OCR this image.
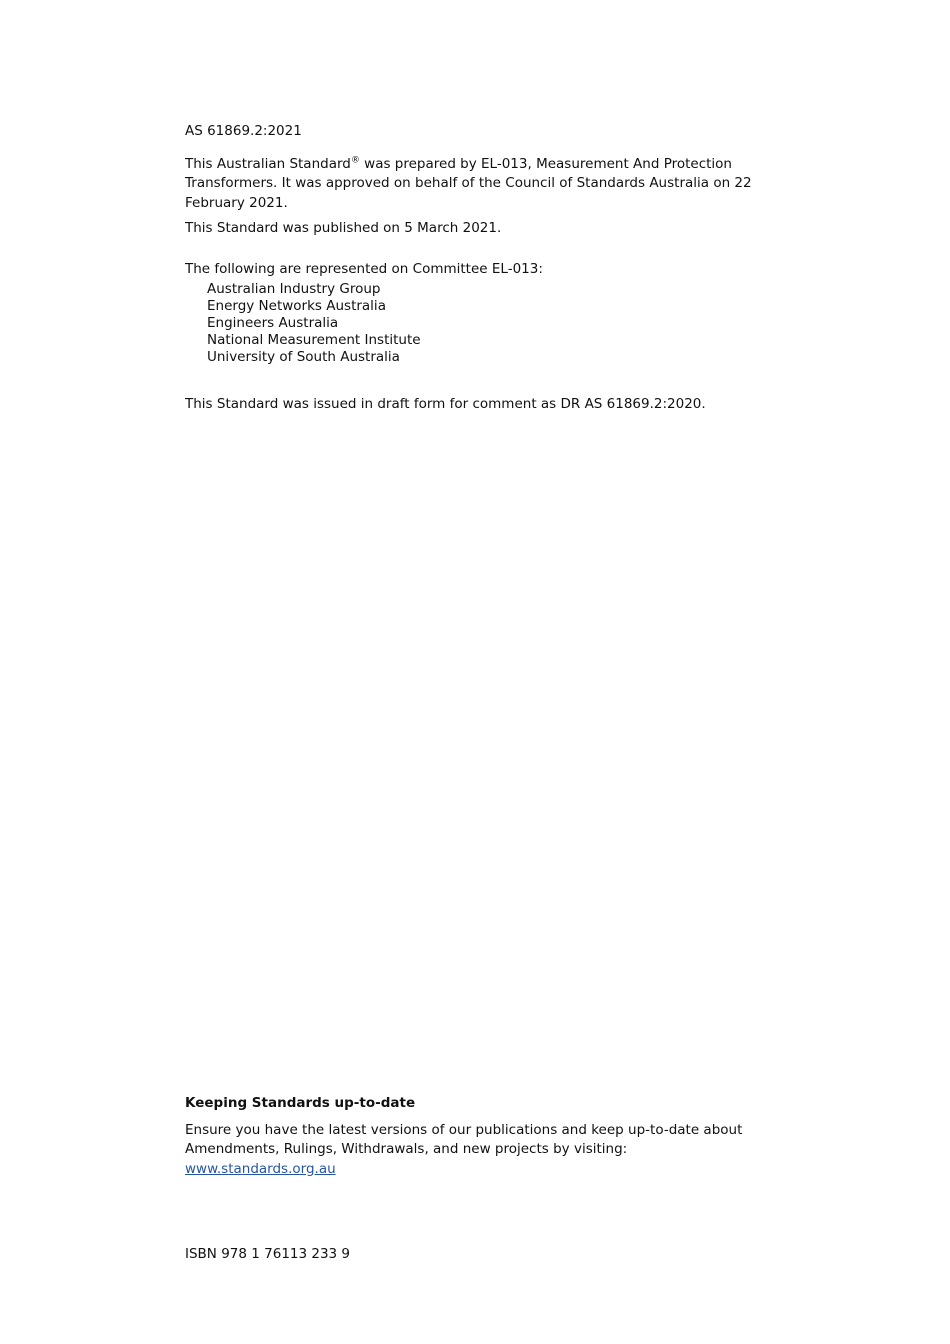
AS 61869.2:2021

This Australian Standard® was prepared by EL-013, Measurement And Protection Transformers. It was approved on behalf of the Council of Standards Australia on 22 February 2021.

This Standard was published on 5 March 2021.

The following are represented on Committee EL-013:

Australian Industry Group
Energy Networks Australia
Engineers Australia
National Measurement Institute
University of South Australia

This Standard was issued in draft form for comment as DR AS 61869.2:2020.

Keeping Standards up-to-date

Ensure you have the latest versions of our publications and keep up-to-date about Amendments, Rulings, Withdrawals, and new projects by visiting:

www.standards.org.au
ISBN 978 1 76113 233 9
